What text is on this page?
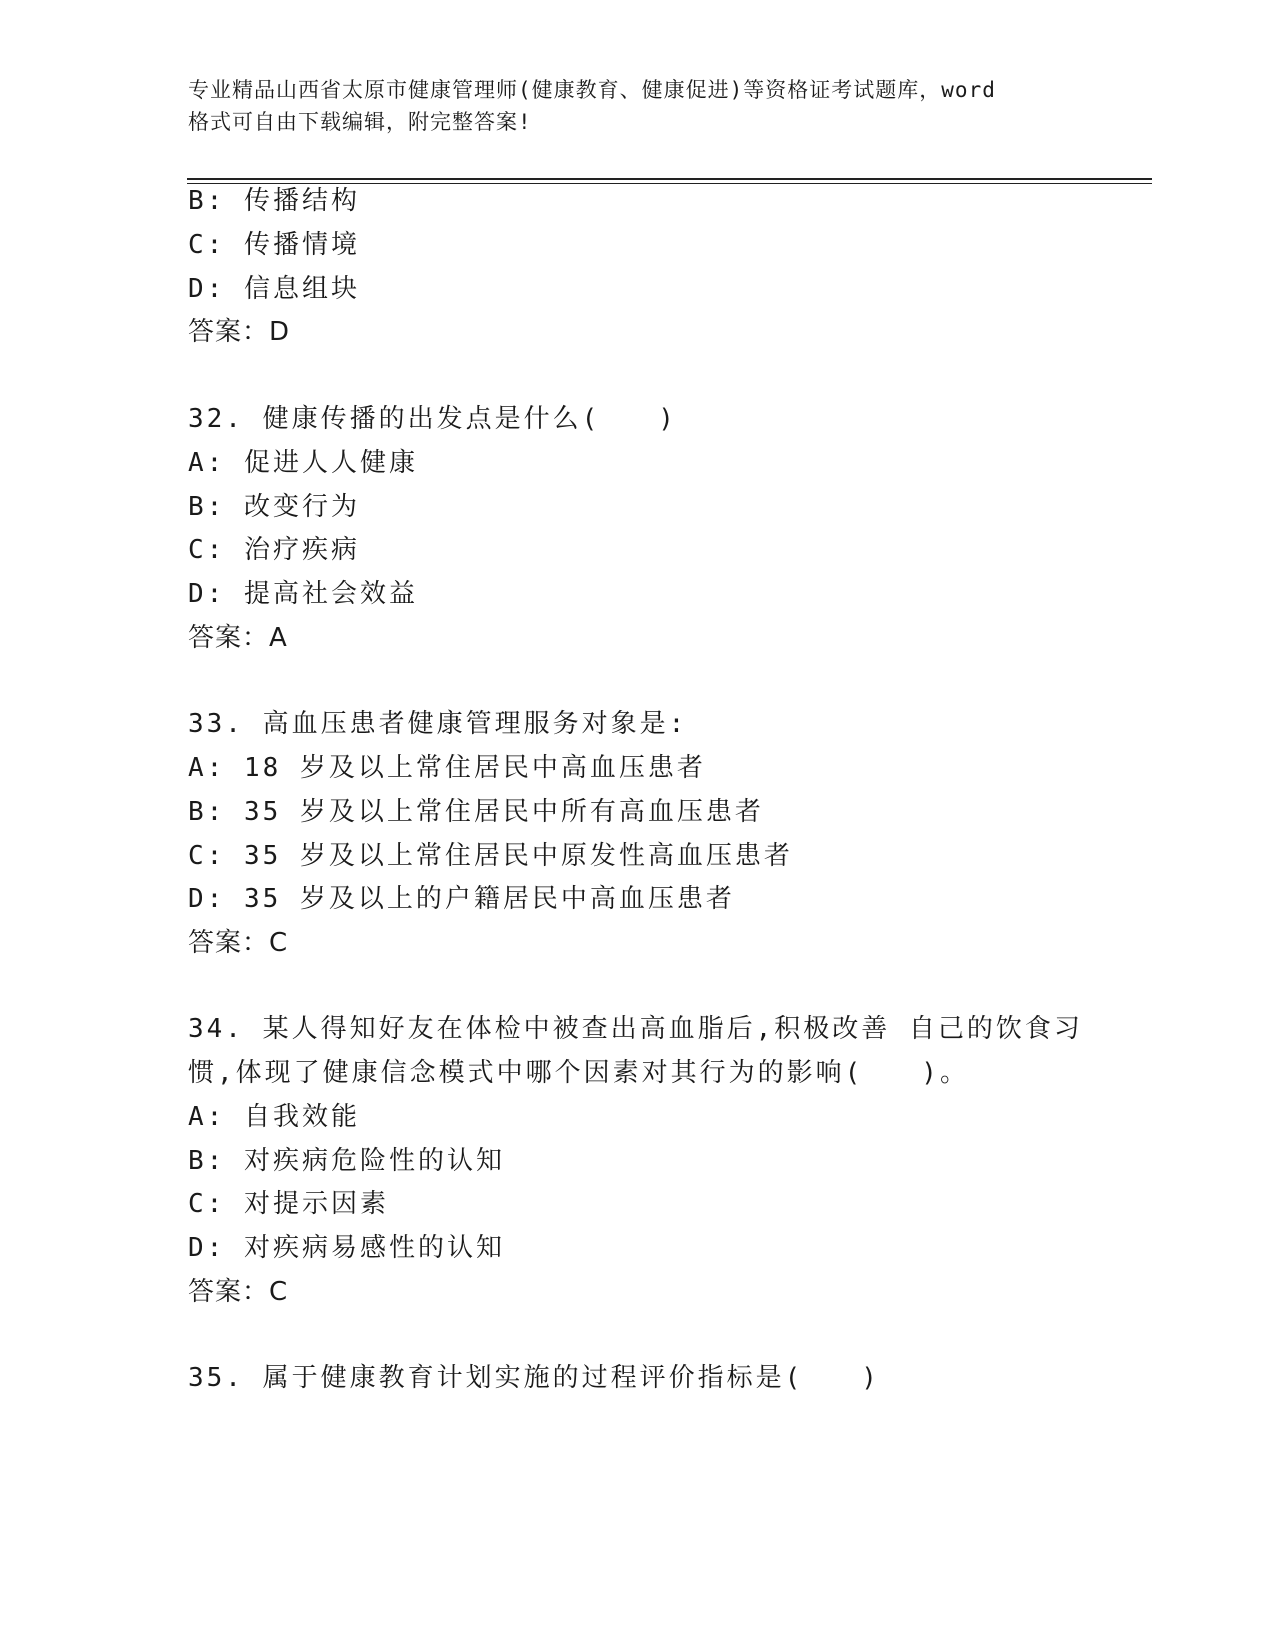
专业精品山西省太原市健康管理师(健康教育、健康促进)等资格证考试题库，word
格式可自由下载编辑，附完整答案!
B: 传播结构
C: 传播情境
D: 信息组块
答案：D
32. 健康传播的出发点是什么(　　)
A: 促进人人健康
B: 改变行为
C: 治疗疾病
D: 提高社会效益
答案：A
33. 高血压患者健康管理服务对象是:
A: 18 岁及以上常住居民中高血压患者
B: 35 岁及以上常住居民中所有高血压患者
C: 35 岁及以上常住居民中原发性高血压患者
D: 35 岁及以上的户籍居民中高血压患者
答案：C
34. 某人得知好友在体检中被查出高血脂后,积极改善 自己的饮食习
惯,体现了健康信念模式中哪个因素对其行为的影响(　　)。
A: 自我效能
B: 对疾病危险性的认知
C: 对提示因素
D: 对疾病易感性的认知
答案：C
35. 属于健康教育计划实施的过程评价指标是(　　)
